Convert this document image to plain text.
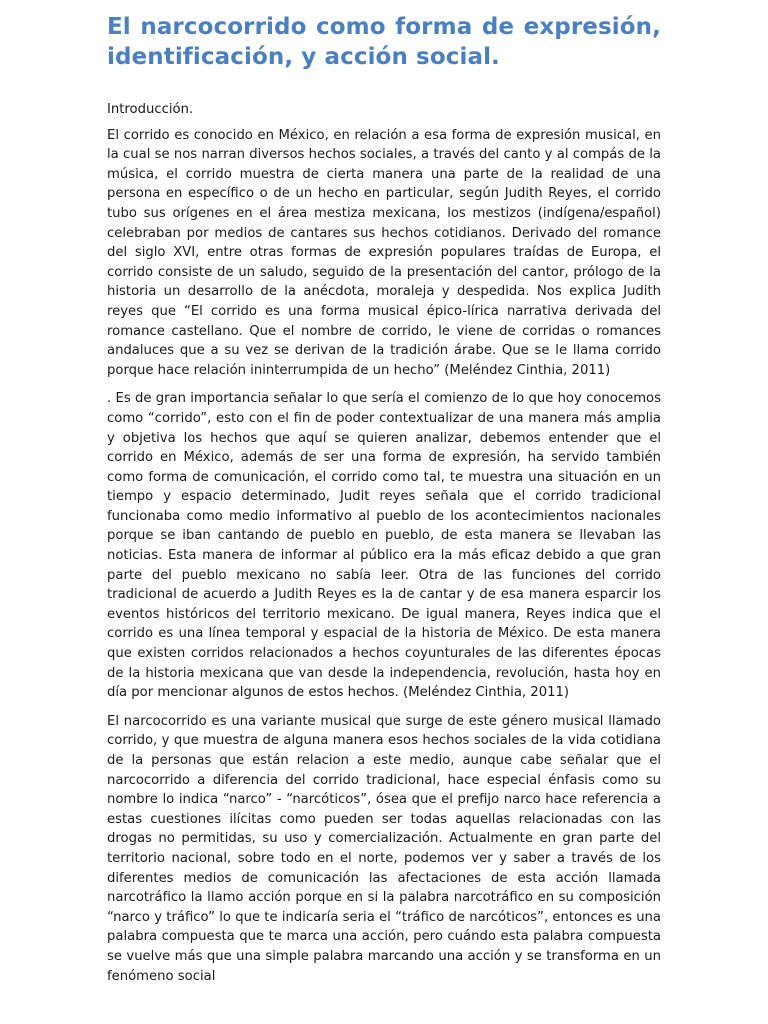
El narcocorrido como forma de expresión, identificación, y acción social.

Introducción.

El corrido es conocido en México, en relación a esa forma de expresión musical, en la cual se nos narran diversos hechos sociales, a través del canto y al compás de la música, el corrido muestra de cierta manera una parte de la realidad de una persona en específico o de un hecho en particular, según Judith Reyes, el corrido tubo sus orígenes en el área mestiza mexicana, los mestizos (indígena/español) celebraban por medios de cantares sus hechos cotidianos. Derivado del romance del siglo XVI, entre otras formas de expresión populares traídas de Europa, el corrido consiste de un saludo, seguido de la presentación del cantor, prólogo de la historia un desarrollo de la anécdota, moraleja y despedida. Nos explica Judith reyes que “El corrido es una forma musical épico-lírica narrativa derivada del romance castellano. Que el nombre de corrido, le viene de corridas o romances andaluces que a su vez se derivan de la tradición árabe. Que se le llama corrido porque hace relación ininterrumpida de un hecho” (Meléndez Cinthia, 2011)

. Es de gran importancia señalar lo que sería el comienzo de lo que hoy conocemos como “corrido”, esto con el fin de poder contextualizar de una manera más amplia y objetiva los hechos que aquí se quieren analizar, debemos entender que el corrido en México, además de ser una forma de expresión, ha servido también como forma de comunicación, el corrido como tal, te muestra una situación en un tiempo y espacio determinado, Judit reyes señala que el corrido tradicional funcionaba como medio informativo al pueblo de los acontecimientos nacionales porque se iban cantando de pueblo en pueblo, de esta manera se llevaban las noticias. Esta manera de informar al público era la más eficaz debido a que gran parte del pueblo mexicano no sabía leer. Otra de las funciones del corrido tradicional de acuerdo a Judith Reyes es la de cantar y de esa manera esparcir los eventos históricos del territorio mexicano. De igual manera, Reyes indica que el corrido es una línea temporal y espacial de la historia de México. De esta manera que existen corridos relacionados a hechos coyunturales de las diferentes épocas de la historia mexicana que van desde la independencia, revolución, hasta hoy en día por mencionar algunos de estos hechos. (Meléndez Cinthia, 2011)

El narcocorrido es una variante musical que surge de este género musical llamado corrido, y que muestra de alguna manera esos hechos sociales de la vida cotidiana de la personas que están relacion a este medio, aunque cabe señalar que el narcocorrido a diferencia del corrido tradicional, hace especial énfasis como su nombre lo indica “narco” - “narcóticos”, ósea que el prefijo narco hace referencia a estas cuestiones ilícitas como pueden ser todas aquellas relacionadas con las drogas no permitidas, su uso y comercialización. Actualmente en gran parte del territorio nacional, sobre todo en el norte, podemos ver y saber a través de los diferentes medios de comunicación las afectaciones de esta acción llamada narcotráfico la llamo acción porque en si la palabra narcotráfico en su composición “narco y tráfico” lo que te indicaría seria el “tráfico de narcóticos”, entonces es una palabra compuesta que te marca una acción, pero cuándo esta palabra compuesta se vuelve más que una simple palabra marcando una acción y se transforma en un fenómeno social
